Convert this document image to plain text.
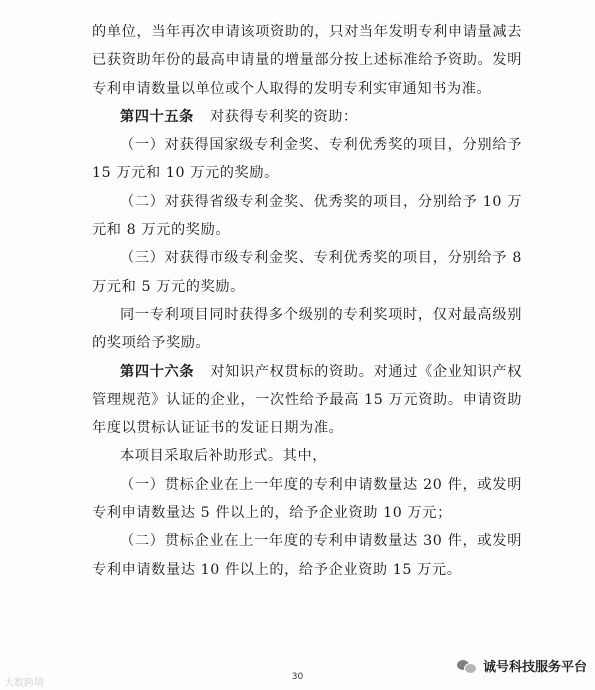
的单位，当年再次申请该项资助的，只对当年发明专利申请量减去已获资助年份的最高申请量的增量部分按上述标准给予资助。发明专利申请数量以单位或个人取得的发明专利实审通知书为准。

第四十五条 对获得专利奖的资助：

（一）对获得国家级专利金奖、专利优秀奖的项目，分别给予 15 万元和 10 万元的奖励。

（二）对获得省级专利金奖、优秀奖的项目，分别给予 10 万元和 8 万元的奖励。

（三）对获得市级专利金奖、专利优秀奖的项目，分别给予 8 万元和 5 万元的奖励。

同一专利项目同时获得多个级别的专利奖项时，仅对最高级别的奖项给予奖励。

第四十六条 对知识产权贯标的资助。对通过《企业知识产权管理规范》认证的企业，一次性给予最高 15 万元资助。申请资助年度以贯标认证证书的发证日期为准。

本项目采取后补助形式。其中，

（一）贯标企业在上一年度的专利申请数量达 20 件，或发明专利申请数量达 5 件以上的，给予企业资助 10 万元；

（二）贯标企业在上一年度的专利申请数量达 30 件，或发明专利申请数量达 10 件以上的，给予企业资助 15 万元。

30
大数跨境
诚号科技服务平台
